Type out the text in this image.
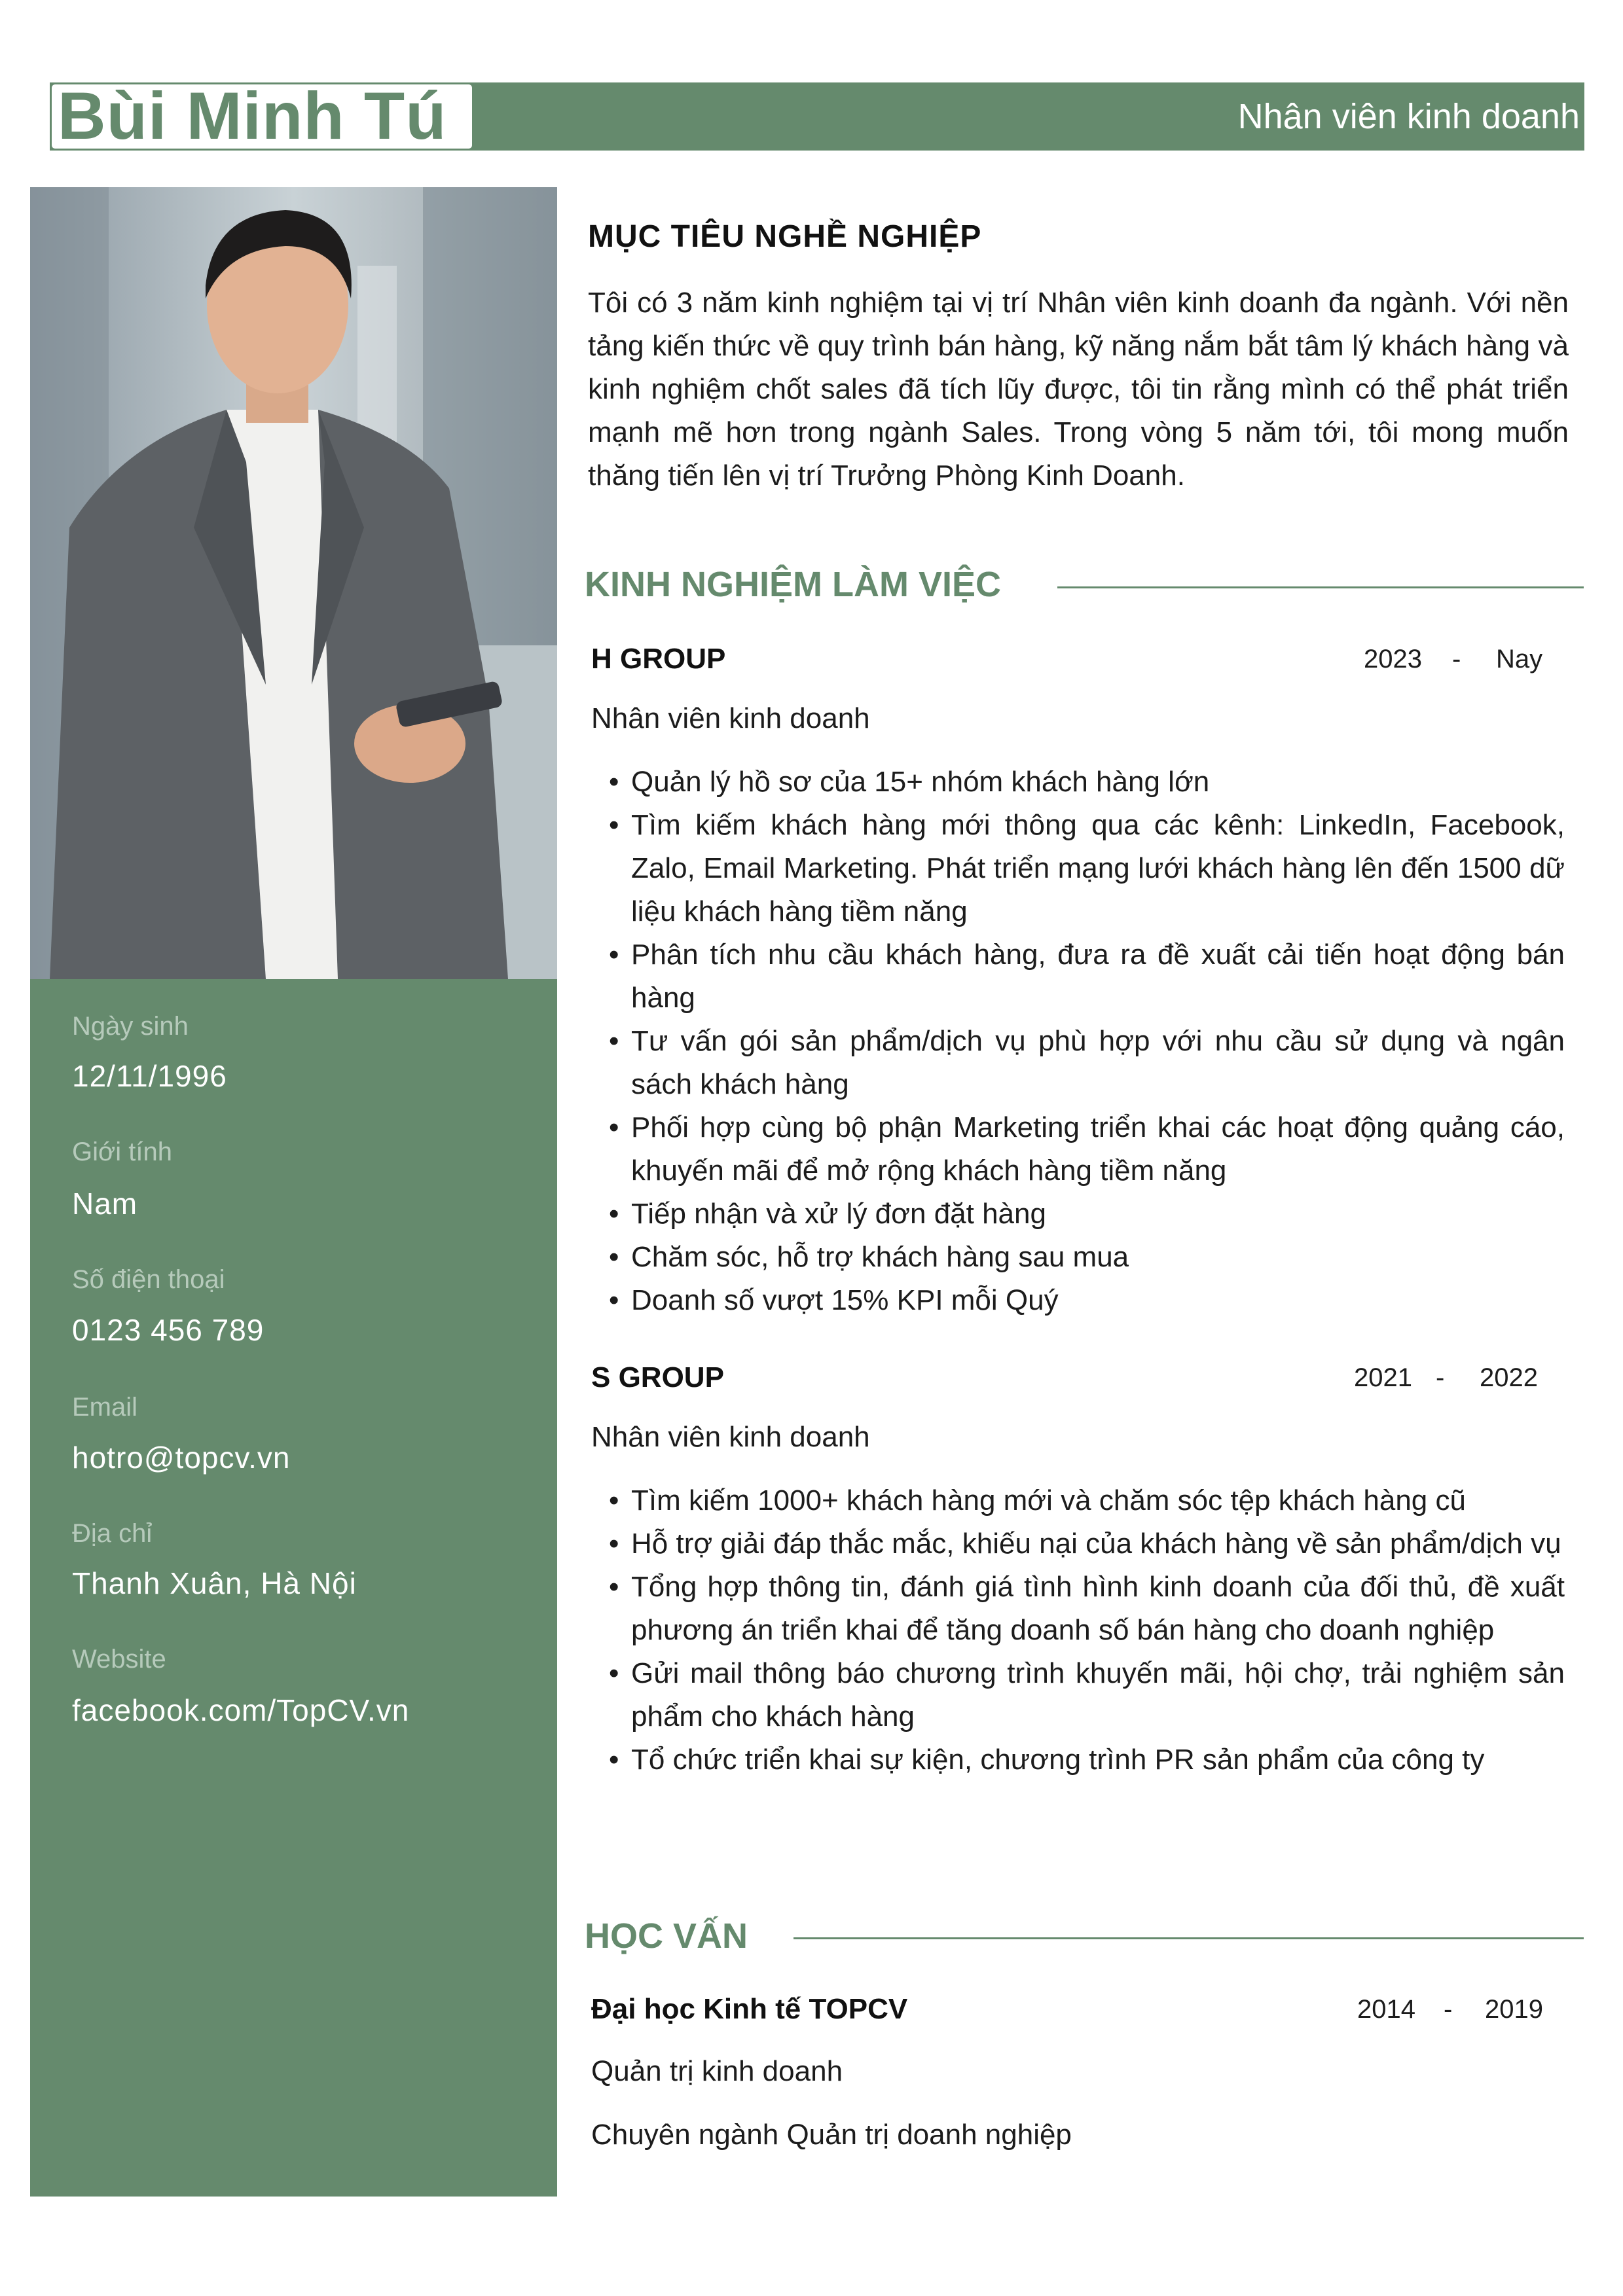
Bùi Minh Tú	Nhân viên kinh doanh
Ngày sinh
12/11/1996
Giới tính
Nam
Số điện thoại
0123 456 789
Email
hotro@topcv.vn
Địa chỉ
Thanh Xuân, Hà Nội
Website
facebook.com/TopCV.vn
MỤC TIÊU NGHỀ NGHIỆP
Tôi có 3 năm kinh nghiệm tại vị trí Nhân viên kinh doanh đa ngành. Với nền tảng kiến thức về quy trình bán hàng, kỹ năng nắm bắt tâm lý khách hàng và kinh nghiệm chốt sales đã tích lũy được, tôi tin rằng mình có thể phát triển mạnh mẽ hơn trong ngành Sales. Trong vòng 5 năm tới, tôi mong muốn thăng tiến lên vị trí Trưởng Phòng Kinh Doanh.
KINH NGHIỆM LÀM VIỆC
H GROUP	2023 - Nay
Nhân viên kinh doanh
• Quản lý hồ sơ của 15+ nhóm khách hàng lớn
• Tìm kiếm khách hàng mới thông qua các kênh: LinkedIn, Facebook, Zalo, Email Marketing. Phát triển mạng lưới khách hàng lên đến 1500 dữ liệu khách hàng tiềm năng
• Phân tích nhu cầu khách hàng, đưa ra đề xuất cải tiến hoạt động bán hàng
• Tư vấn gói sản phẩm/dịch vụ phù hợp với nhu cầu sử dụng và ngân sách khách hàng
• Phối hợp cùng bộ phận Marketing triển khai các hoạt động quảng cáo, khuyến mãi để mở rộng khách hàng tiềm năng
• Tiếp nhận và xử lý đơn đặt hàng
• Chăm sóc, hỗ trợ khách hàng sau mua
• Doanh số vượt 15% KPI mỗi Quý
S GROUP	2021 - 2022
Nhân viên kinh doanh
• Tìm kiếm 1000+ khách hàng mới và chăm sóc tệp khách hàng cũ
• Hỗ trợ giải đáp thắc mắc, khiếu nại của khách hàng về sản phẩm/dịch vụ
• Tổng hợp thông tin, đánh giá tình hình kinh doanh của đối thủ, đề xuất phương án triển khai để tăng doanh số bán hàng cho doanh nghiệp
• Gửi mail thông báo chương trình khuyến mãi, hội chợ, trải nghiệm sản phẩm cho khách hàng
• Tổ chức triển khai sự kiện, chương trình PR sản phẩm của công ty
HỌC VẤN
Đại học Kinh tế TOPCV	2014 - 2019
Quản trị kinh doanh
Chuyên ngành Quản trị doanh nghiệp
